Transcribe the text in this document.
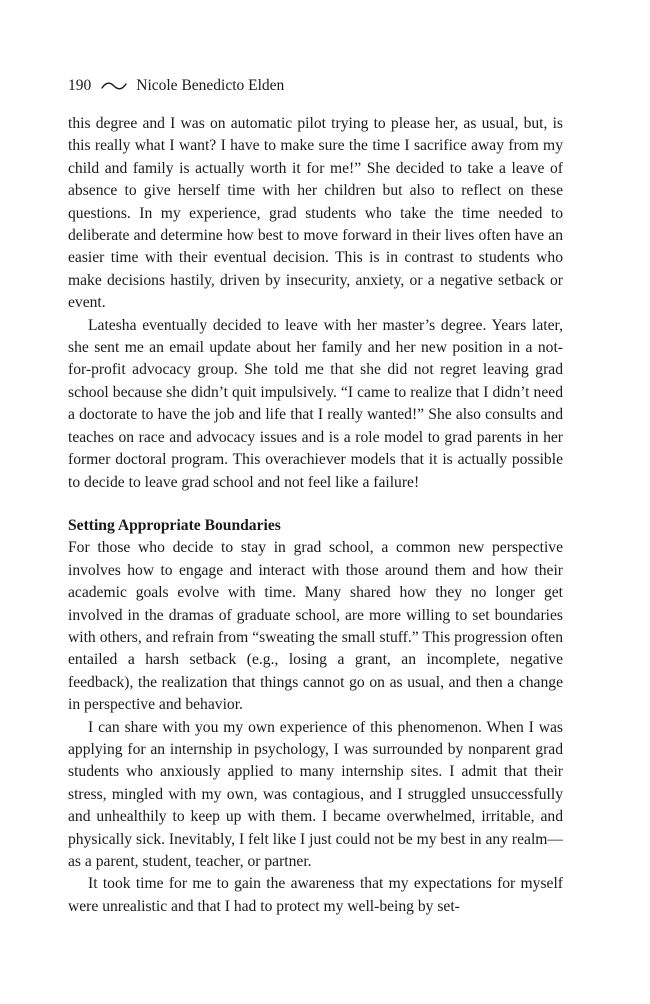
190	Nicole Benedicto Elden

this degree and I was on automatic pilot trying to please her, as usual, but, is this really what I want? I have to make sure the time I sacrifice away from my child and family is actually worth it for me!” She decided to take a leave of absence to give herself time with her children but also to reflect on these questions. In my experience, grad students who take the time needed to deliberate and determine how best to move forward in their lives often have an easier time with their eventual decision. This is in contrast to students who make decisions hastily, driven by insecurity, anxiety, or a negative setback or event.

Latesha eventually decided to leave with her master’s degree. Years later, she sent me an email update about her family and her new position in a not-for-profit advocacy group. She told me that she did not regret leaving grad school because she didn’t quit impulsively. “I came to realize that I didn’t need a doctorate to have the job and life that I really wanted!” She also consults and teaches on race and advocacy issues and is a role model to grad parents in her former doctoral program. This overachiever models that it is actually possible to decide to leave grad school and not feel like a failure!

Setting Appropriate Boundaries

For those who decide to stay in grad school, a common new perspective involves how to engage and interact with those around them and how their academic goals evolve with time. Many shared how they no longer get involved in the dramas of graduate school, are more willing to set boundaries with others, and refrain from “sweating the small stuff.” This progression often entailed a harsh setback (e.g., losing a grant, an incomplete, negative feedback), the realization that things cannot go on as usual, and then a change in perspective and behavior.

I can share with you my own experience of this phenomenon. When I was applying for an internship in psychology, I was surrounded by nonparent grad students who anxiously applied to many internship sites. I admit that their stress, mingled with my own, was contagious, and I struggled unsuccessfully and unhealthily to keep up with them. I became overwhelmed, irritable, and physically sick. Inevitably, I felt like I just could not be my best in any realm—as a parent, student, teacher, or partner.

It took time for me to gain the awareness that my expectations for myself were unrealistic and that I had to protect my well-being by set-
